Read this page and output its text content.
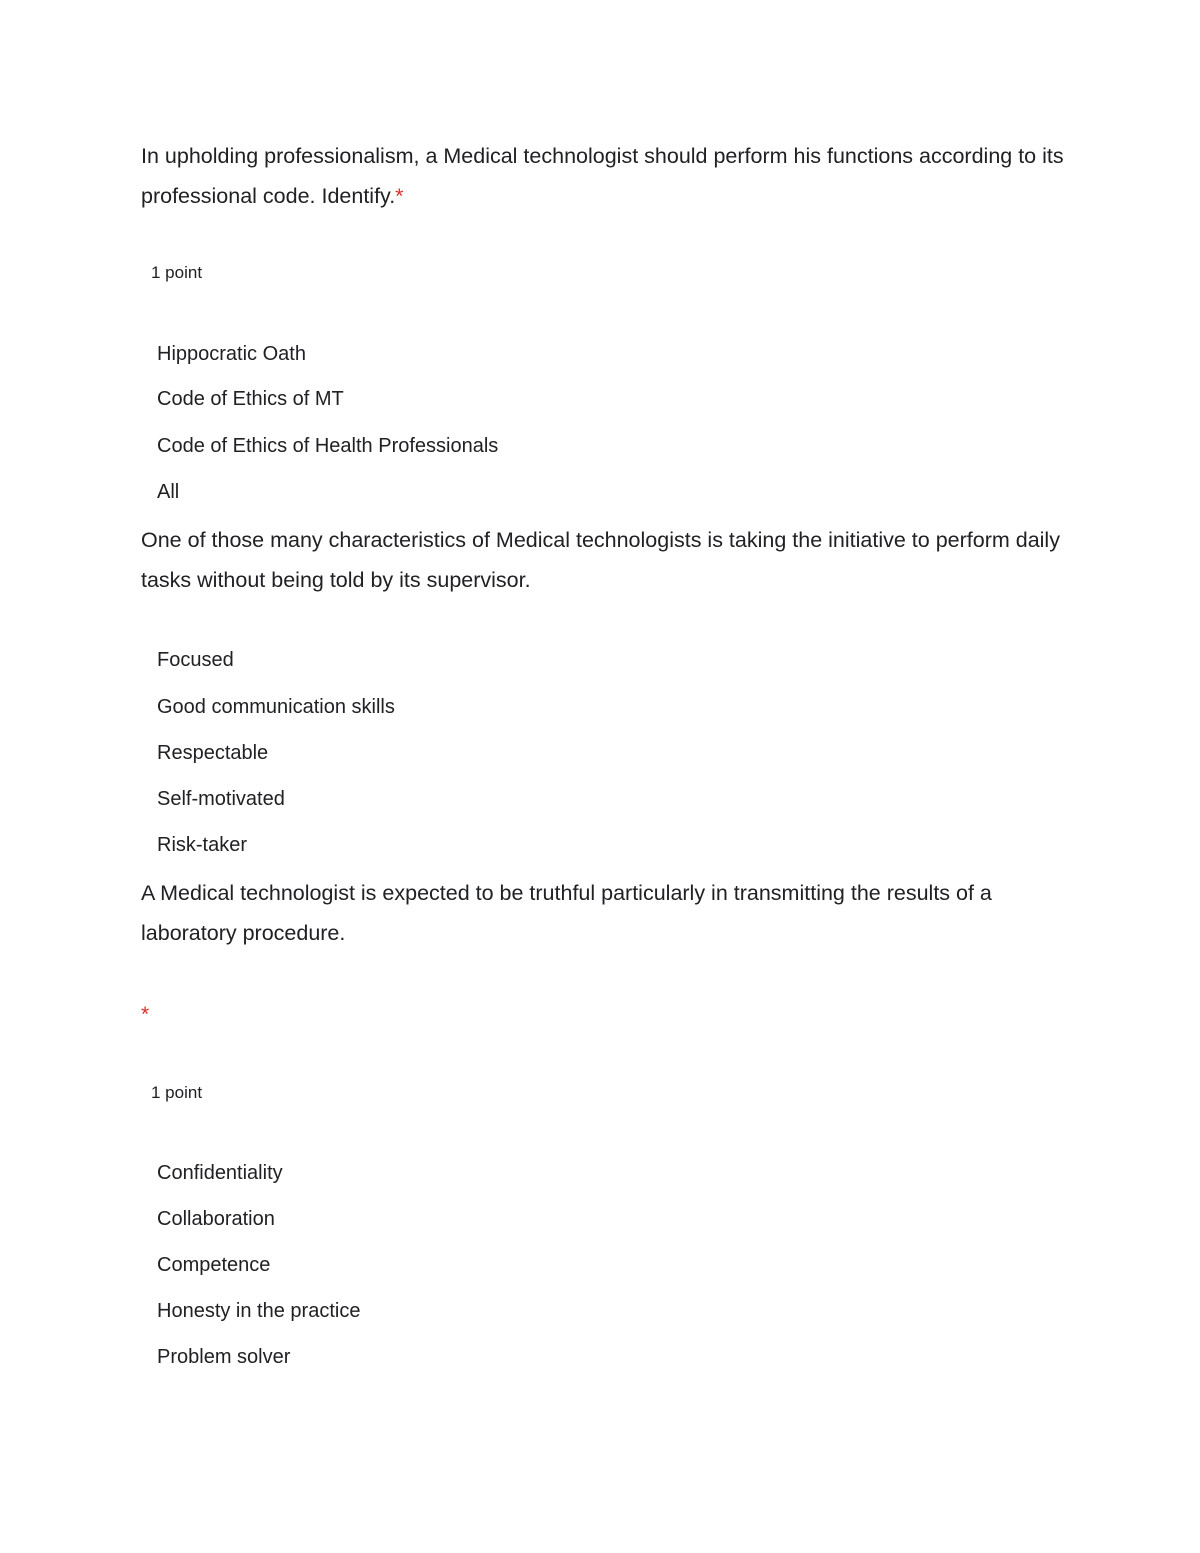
In upholding professionalism, a Medical technologist should perform his functions according to its professional code. Identify.*

1 point
Hippocratic Oath
Code of Ethics of MT
Code of Ethics of Health Professionals
All

One of those many characteristics of Medical technologists is taking the initiative to perform daily tasks without being told by its supervisor.

Focused
Good communication skills
Respectable
Self-motivated
Risk-taker

A Medical technologist is expected to be truthful particularly in transmitting the results of a laboratory procedure.

*
1 point
Confidentiality
Collaboration
Competence
Honesty in the practice
Problem solver
